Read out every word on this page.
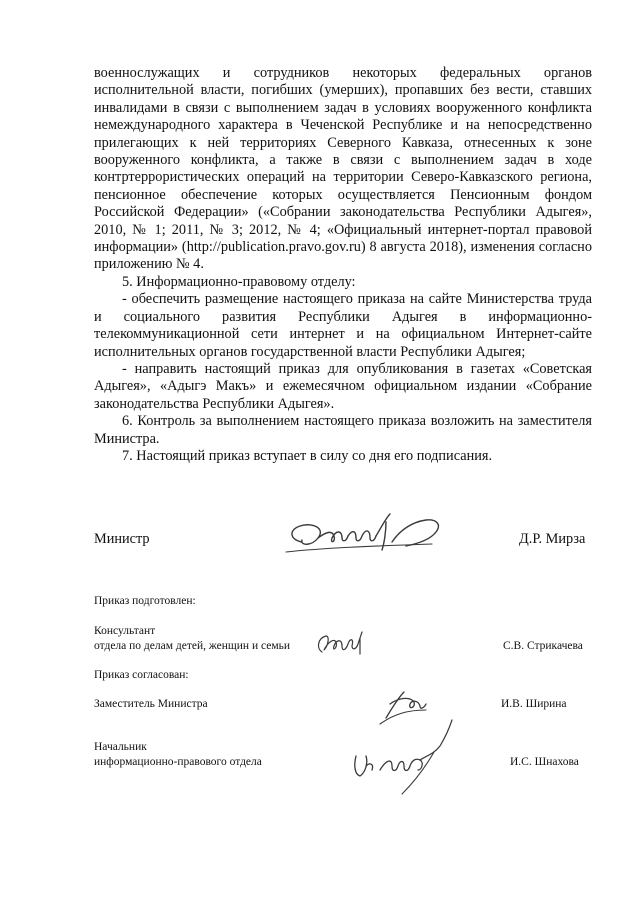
военнослужащих и сотрудников некоторых федеральных органов исполнительной власти, погибших (умерших), пропавших без вести, ставших инвалидами в связи с выполнением задач в условиях вооруженного конфликта немеждународного характера в Чеченской Республике и на непосредственно прилегающих к ней территориях Северного Кавказа, отнесенных к зоне вооруженного конфликта, а также в связи с выполнением задач в ходе контртеррористических операций на территории Северо-Кавказского региона, пенсионное обеспечение которых осуществляется Пенсионным фондом Российской Федерации» («Собрании законодательства Республики Адыгея», 2010, № 1; 2011, № 3; 2012, № 4; «Официальный интернет-портал правовой информации» (http://publication.pravo.gov.ru) 8 августа 2018), изменения согласно приложению № 4.

5. Информационно-правовому отделу:

- обеспечить размещение настоящего приказа на сайте Министерства труда и социального развития Республики Адыгея в информационно-телекоммуникационной сети интернет и на официальном Интернет-сайте исполнительных органов государственной власти Республики Адыгея;

- направить настоящий приказ для опубликования в газетах «Советская Адыгея», «Адыгэ Макъ» и ежемесячном официальном издании «Собрание законодательства Республики Адыгея».

6. Контроль за выполнением настоящего приказа возложить на заместителя Министра.

7. Настоящий приказ вступает в силу со дня его подписания.

Министр	Д.Р. Мирза
Приказ подготовлен:
Консультант
отдела по делам детей, женщин и семьи	С.В. Стрикачева
Приказ согласован:
Заместитель Министра	И.В. Ширина
Начальник
информационно-правового отдела	И.С. Шнахова
